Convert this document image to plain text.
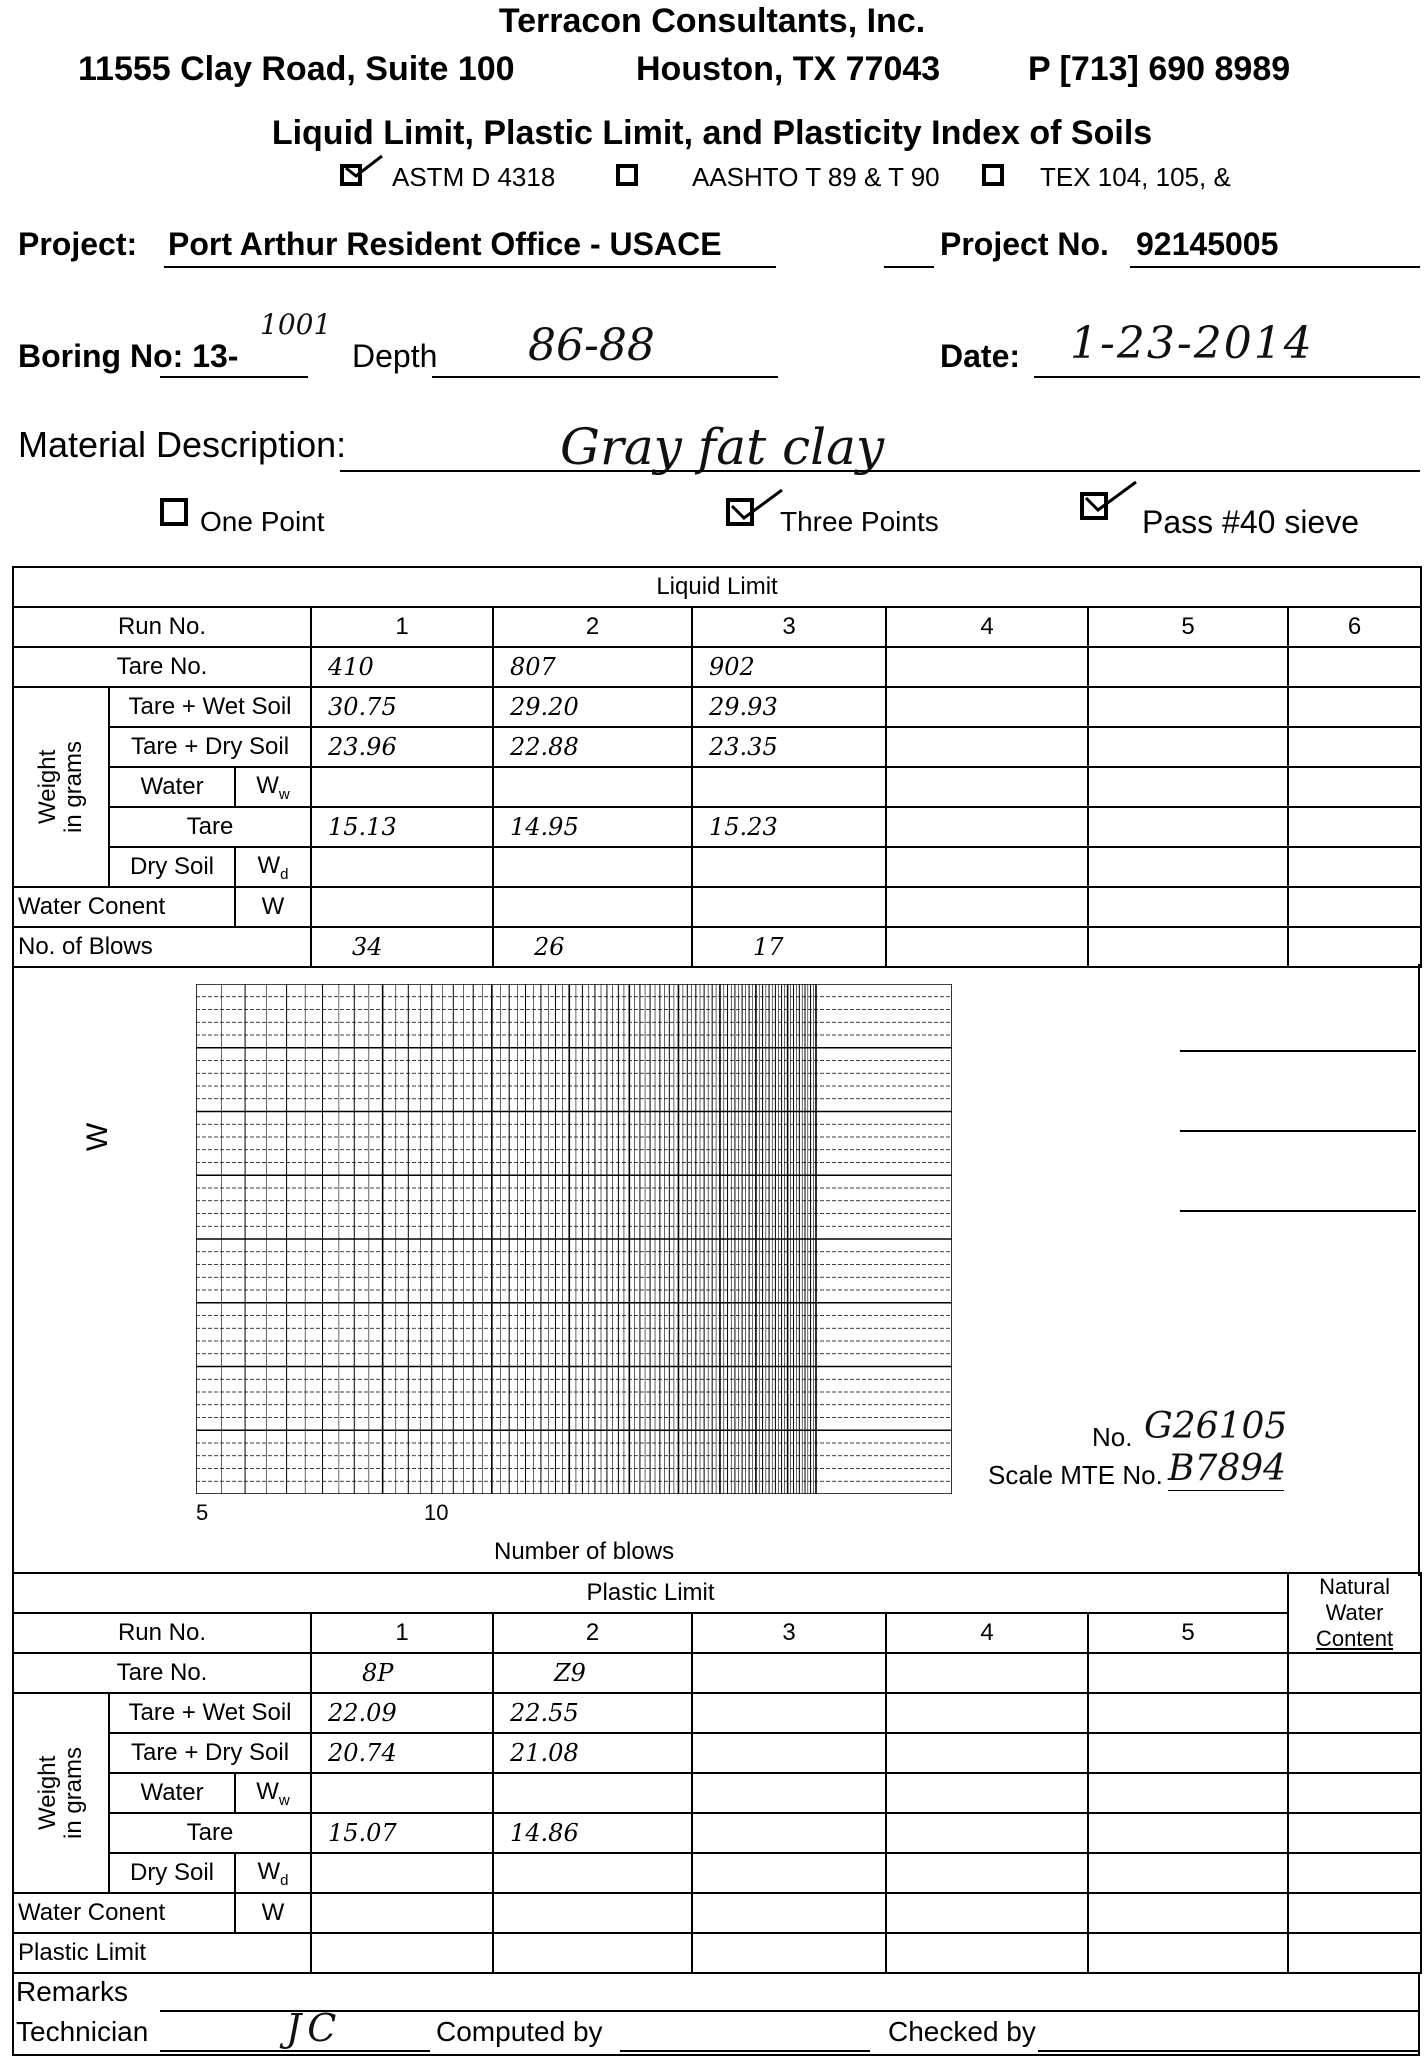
Terracon Consultants, Inc.
11555 Clay Road, Suite 100	Houston, TX 77043	P [713] 690 8989
Liquid Limit, Plastic Limit, and Plasticity Index of Soils
ASTM D 4318	AASHTO T 89 & T 90	TEX 104, 105, &
Project: Port Arthur Resident Office - USACE	Project No. 92145005
Boring No: 13-
1001
Depth 86-88	Date: 1-23-2014
Material Description:	Gray fat clay
One Point	Three Points	Pass #40 sieve
Liquid Limit								
Run No.			1	2	3	4	5	6
Tare No.			410	807	902			

Weight
in grams	Tare + Wet Soil		30.75	29.20	29.93			
	Tare + Dry Soil		23.96	22.88	23.35			
	Water	$W_w$						
	Tare		15.13	14.95	15.23			
	Dry Soil	$W_d$						
Water Conent		W						
No. of Blows			34	26	17			
W
5	10
Number of blows
No. G26105
Scale MTE No. B7894
Plastic Limit								Natural
Water
Content
Run No.			1	2	3	4	5	
Tare No.			8P	Z9				

Weight
in grams	Tare + Wet Soil		22.09	22.55				
	Tare + Dry Soil		20.74	21.08				
	Water	$W_w$						
	Tare		15.07	14.86				
	Dry Soil	$W_d$						
Water Conent		W						
Plastic Limit								
Remarks
Technician	JC	Computed by	Checked by
